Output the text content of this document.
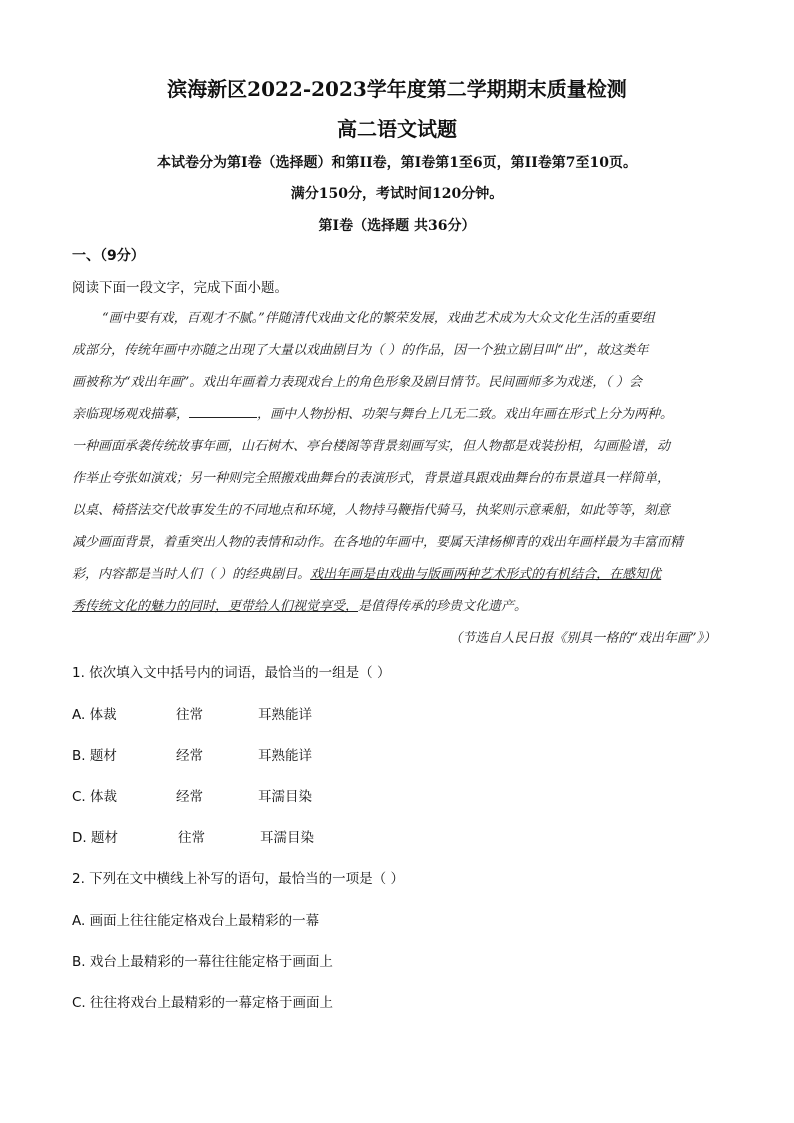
滨海新区2022-2023学年度第二学期期末质量检测
高二语文试题
本试卷分为第Ⅰ卷（选择题）和第II卷，第Ⅰ卷第1至6页，第II卷第7至10页。
满分150分，考试时间120分钟。
第Ⅰ卷（选择题 共36分）
一、（9分）
阅读下面一段文字，完成下面小题。
“画中要有戏，百观才不腻。”伴随清代戏曲文化的繁荣发展，戏曲艺术成为大众文化生活的重要组
成部分，传统年画中亦随之出现了大量以戏曲剧目为（ ）的作品，因一个独立剧目叫“出”，故这类年
画被称为“戏出年画”。戏出年画着力表现戏台上的角色形象及剧目情节。民间画师多为戏迷，（ ）会
亲临现场观戏描摹，	，画中人物扮相、功架与舞台上几无二致。戏出年画在形式上分为两种。
一种画面承袭传统故事年画，山石树木、亭台楼阁等背景刻画写实，但人物都是戏装扮相，勾画脸谱，动
作举止夸张如演戏；另一种则完全照搬戏曲舞台的表演形式，背景道具跟戏曲舞台的布景道具一样简单，
以桌、椅搭法交代故事发生的不同地点和环境，人物持马鞭指代骑马，执桨则示意乘船，如此等等，刻意
减少画面背景，着重突出人物的表情和动作。在各地的年画中，要属天津杨柳青的戏出年画样最为丰富而精
彩，内容都是当时人们（ ）的经典剧目。戏出年画是由戏曲与版画两种艺术形式的有机结合，在感知优
秀传统文化的魅力的同时，更带给人们视觉享受，是值得传承的珍贵文化遗产。
（节选自人民日报《别具一格的“戏出年画”》）
1. 依次填入文中括号内的词语，最恰当的一组是（ ）
A. 体裁	往常	耳熟能详
B. 题材	经常	耳熟能详
C. 体裁	经常	耳濡目染
D. 题材	往常	耳濡目染
2. 下列在文中横线上补写的语句，最恰当的一项是（ ）
A. 画面上往往能定格戏台上最精彩的一幕
B. 戏台上最精彩的一幕往往能定格于画面上
C. 往往将戏台上最精彩的一幕定格于画面上
